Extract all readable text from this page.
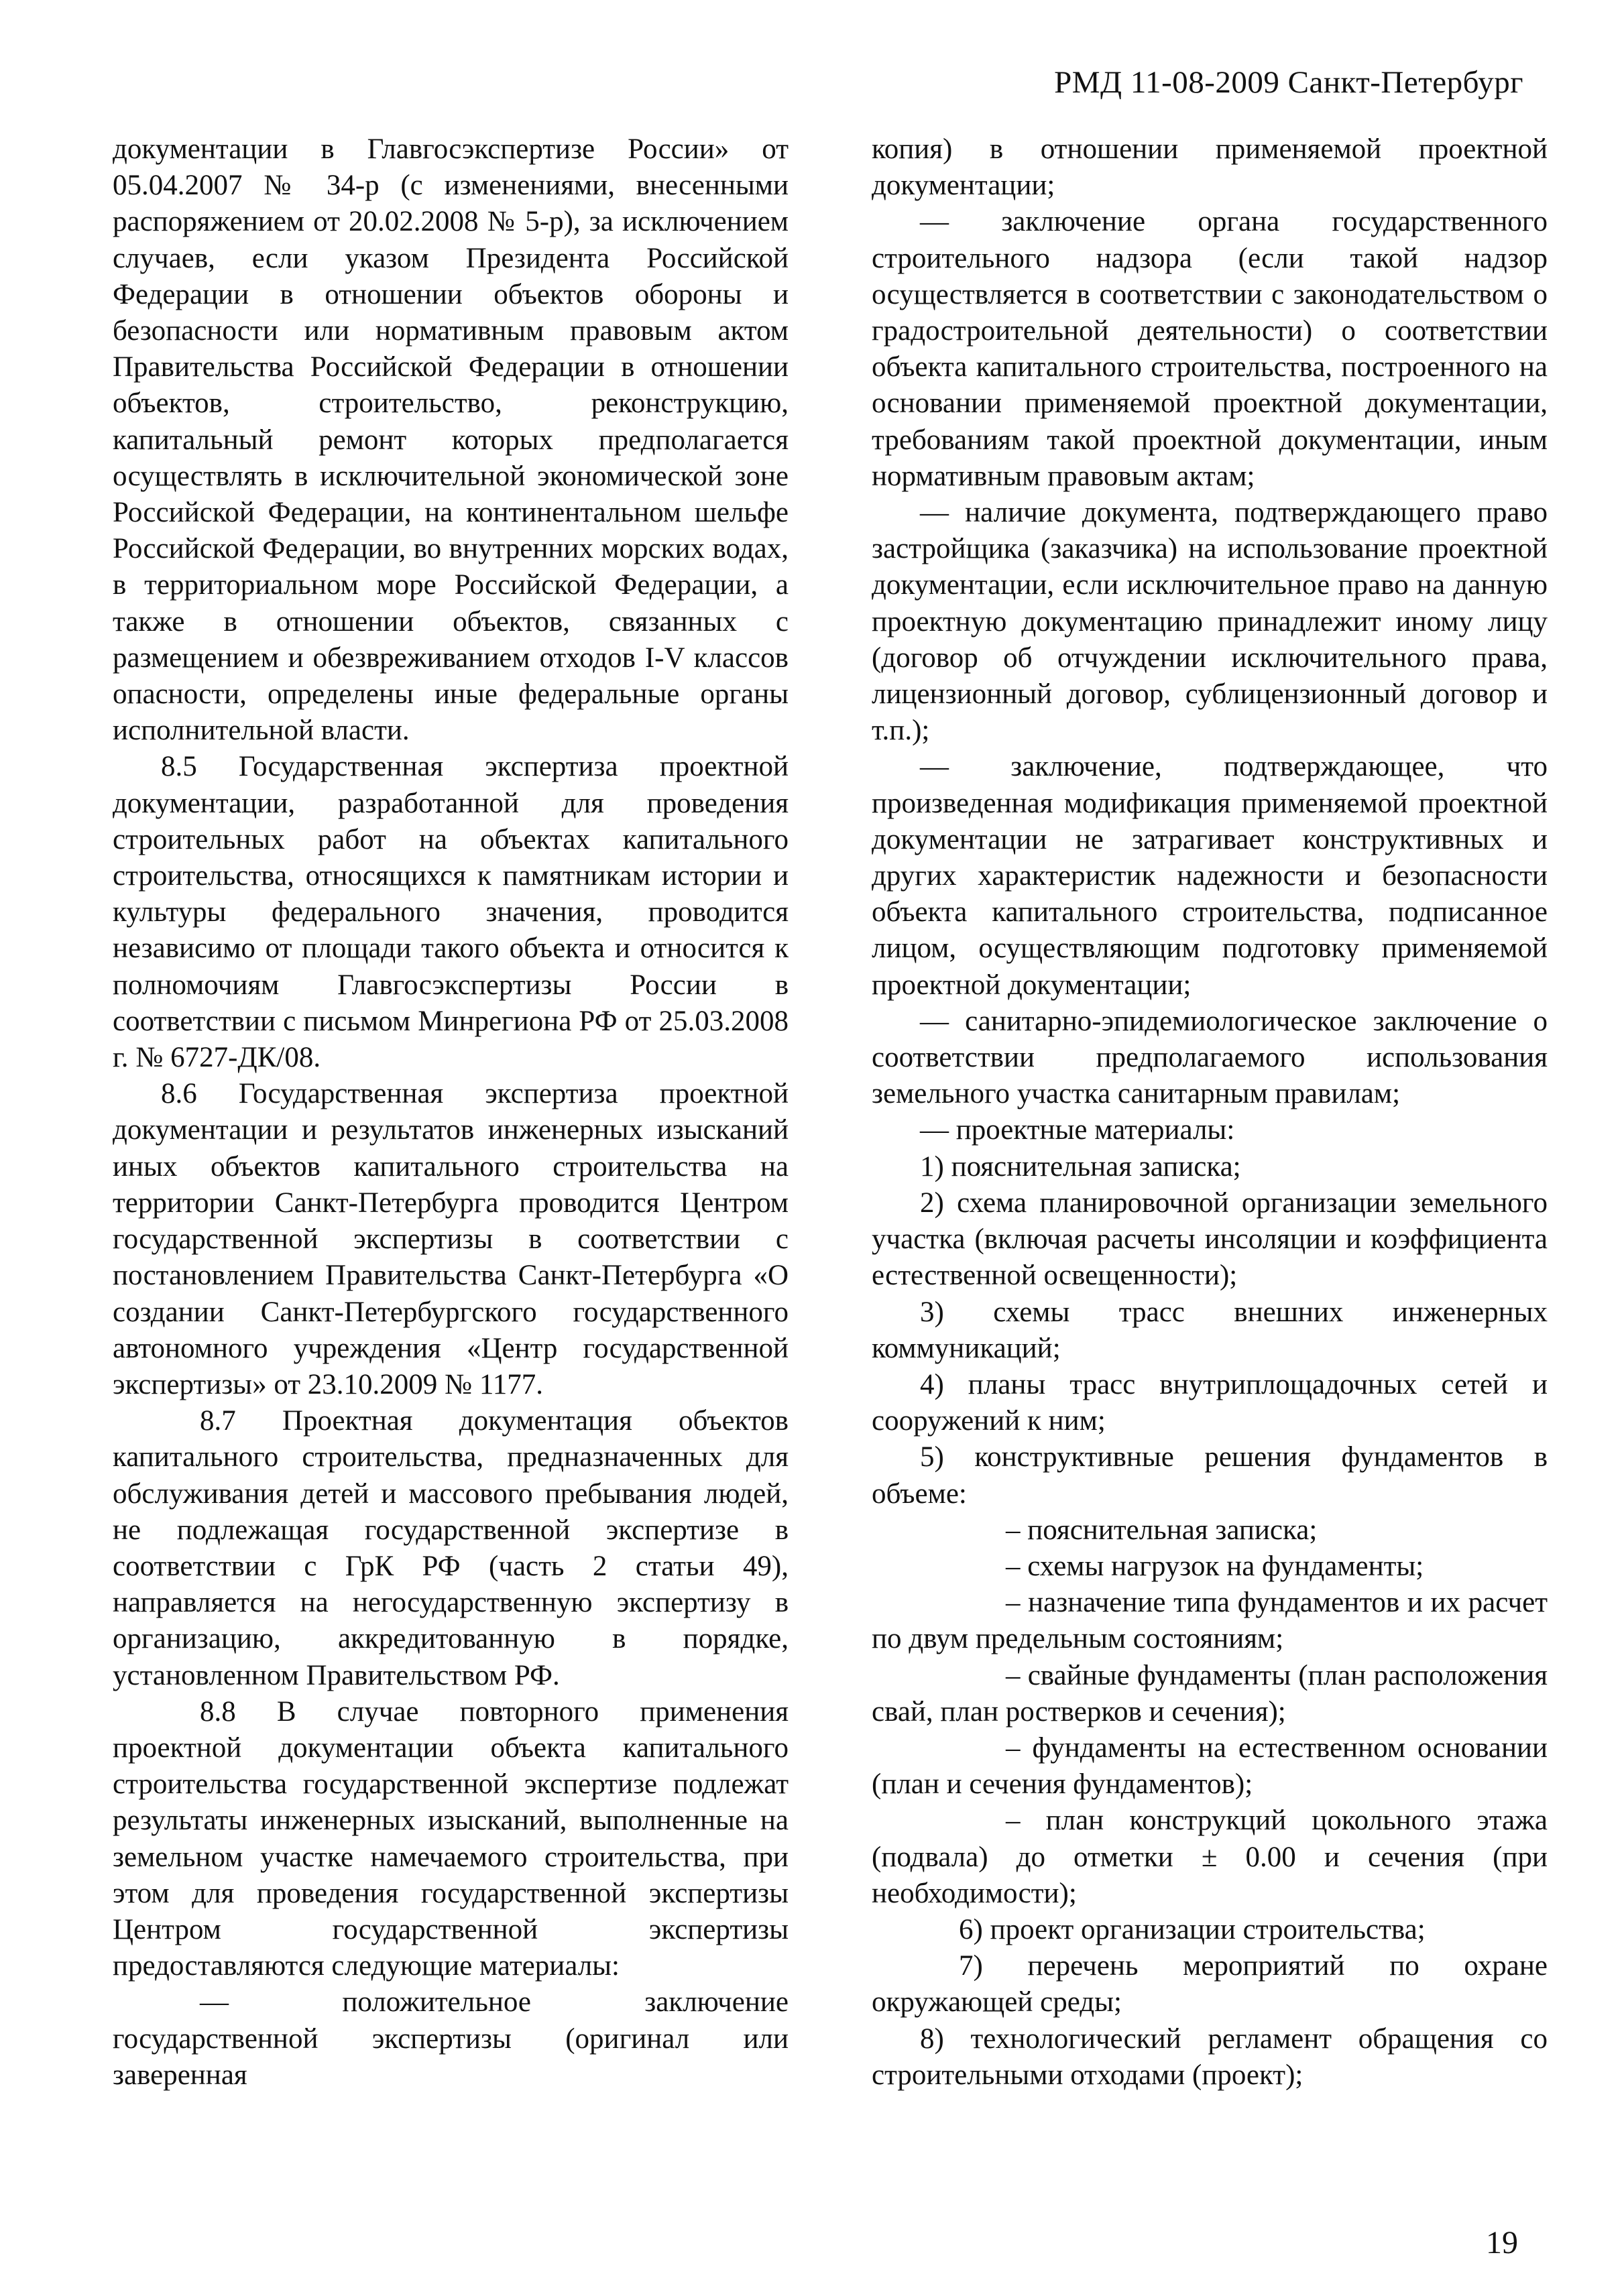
РМД 11-08-2009 Санкт-Петербург

документации в Главгосэкспертизе России» от 05.04.2007 № 34-р (с изменениями, внесенными распоряжением от 20.02.2008 № 5-р), за исключением случаев, если указом Президента Российской Федерации в отношении объектов обороны и безопасности или нормативным правовым актом Правительства Российской Федерации в отношении объектов, строительство, реконструкцию, капитальный ремонт которых предполагается осуществлять в исключительной экономической зоне Российской Федерации, на континентальном шельфе Российской Федерации, во внутренних морских водах, в территориальном море Российской Федерации, а также в отношении объектов, связанных с размещением и обезвреживанием отходов I-V классов опасности, определены иные федеральные органы исполнительной власти.

8.5 Государственная экспертиза проектной документации, разработанной для проведения строительных работ на объектах капитального строительства, относящихся к памятникам истории и культуры федерального значения, проводится независимо от площади такого объекта и относится к полномочиям Главгосэкспертизы России в соответствии с письмом Минрегиона РФ от 25.03.2008 г. № 6727-ДК/08.

8.6 Государственная экспертиза проектной документации и результатов инженерных изысканий иных объектов капитального строительства на территории Санкт-Петербурга проводится Центром государственной экспертизы в соответствии с постановлением Правительства Санкт-Петербурга «О создании Санкт-Петербургского государственного автономного учреждения «Центр государственной экспертизы» от 23.10.2009 № 1177.

8.7 Проектная документация объектов капитального строительства, предназначенных для обслуживания детей и массового пребывания людей, не подлежащая государственной экспертизе в соответствии с ГрК РФ (часть 2 статьи 49), направляется на негосударственную экспертизу в организацию, аккредитованную в порядке, установленном Правительством РФ.

8.8 В случае повторного применения проектной документации объекта капитального строительства государственной экспертизе подлежат результаты инженерных изысканий, выполненные на земельном участке намечаемого строительства, при этом для проведения государственной экспертизы Центром государственной экспертизы предоставляются следующие материалы:

— положительное заключение государственной экспертизы (оригинал или заверенная

копия) в отношении применяемой проектной документации;

— заключение органа государственного строительного надзора (если такой надзор осуществляется в соответствии с законодательством о градостроительной деятельности) о соответствии объекта капитального строительства, построенного на основании применяемой проектной документации, требованиям такой проектной документации, иным нормативным правовым актам;

— наличие документа, подтверждающего право застройщика (заказчика) на использование проектной документации, если исключительное право на данную проектную документацию принадлежит иному лицу (договор об отчуждении исключительного права, лицензионный договор, сублицензионный договор и т.п.);

— заключение, подтверждающее, что произведенная модификация применяемой проектной документации не затрагивает конструктивных и других характеристик надежности и безопасности объекта капитального строительства, подписанное лицом, осуществляющим подготовку применяемой проектной документации;

— санитарно-эпидемиологическое заключение о соответствии предполагаемого использования земельного участка санитарным правилам;

— проектные материалы:

1) пояснительная записка;

2) схема планировочной организации земельного участка (включая расчеты инсоляции и коэффициента естественной освещенности);

3) схемы трасс внешних инженерных коммуникаций;

4) планы трасс внутриплощадочных сетей и сооружений к ним;

5) конструктивные решения фундаментов в объеме:

– пояснительная записка;

– схемы нагрузок на фундаменты;

– назначение типа фундаментов и их расчет по двум предельным состояниям;

– свайные фундаменты (план расположения свай, план ростверков и сечения);

– фундаменты на естественном основании (план и сечения фундаментов);

– план конструкций цокольного этажа (подвала) до отметки ± 0.00 и сечения (при необходимости);

6) проект организации строительства;

7) перечень мероприятий по охране окружающей среды;

8) технологический регламент обращения со строительными отходами (проект);

19
